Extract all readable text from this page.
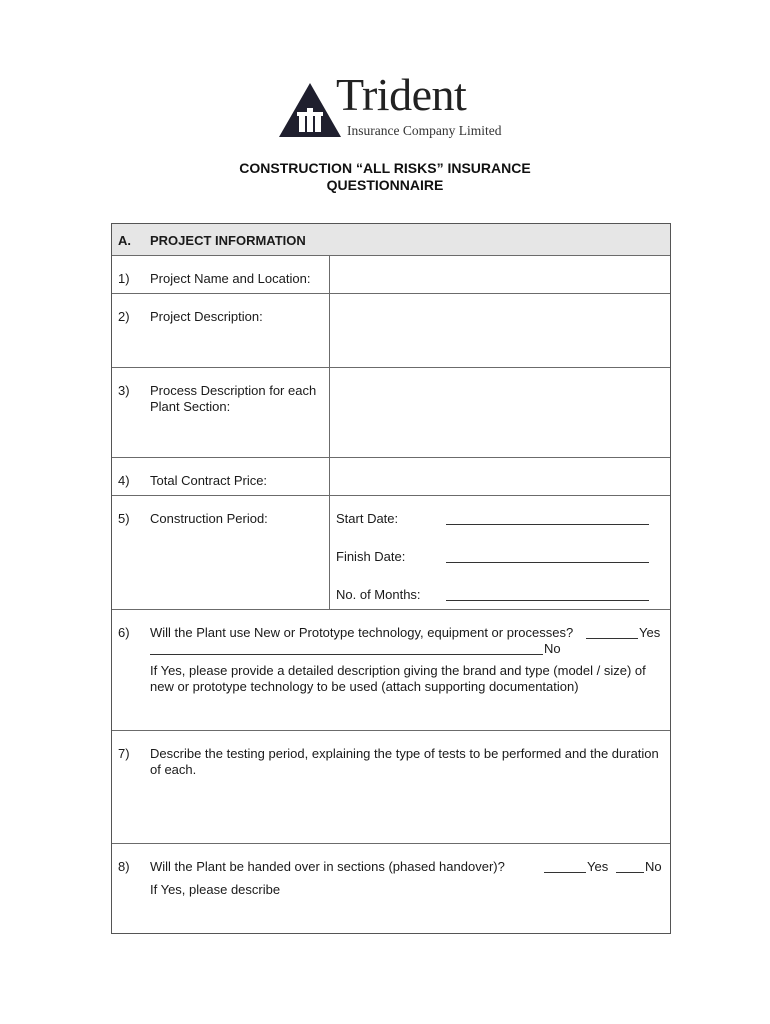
Trident
Insurance Company Limited
CONSTRUCTION “ALL RISKS” INSURANCE
QUESTIONNAIRE
A. PROJECT INFORMATION
1) Project Name and Location:
2) Project Description:
3) Process Description for each
Plant Section:
4) Total Contract Price:
5) Construction Period:	Start Date:
Finish Date:
No. of Months:
6) Will the Plant use New or Prototype technology, equipment or processes?	Yes
No
If Yes, please provide a detailed description giving the brand and type (model / size) of
new or prototype technology to be used (attach supporting documentation)
7) Describe the testing period, explaining the type of tests to be performed and the duration
of each.
8) Will the Plant be handed over in sections (phased handover)?	Yes	No
If Yes, please describe
